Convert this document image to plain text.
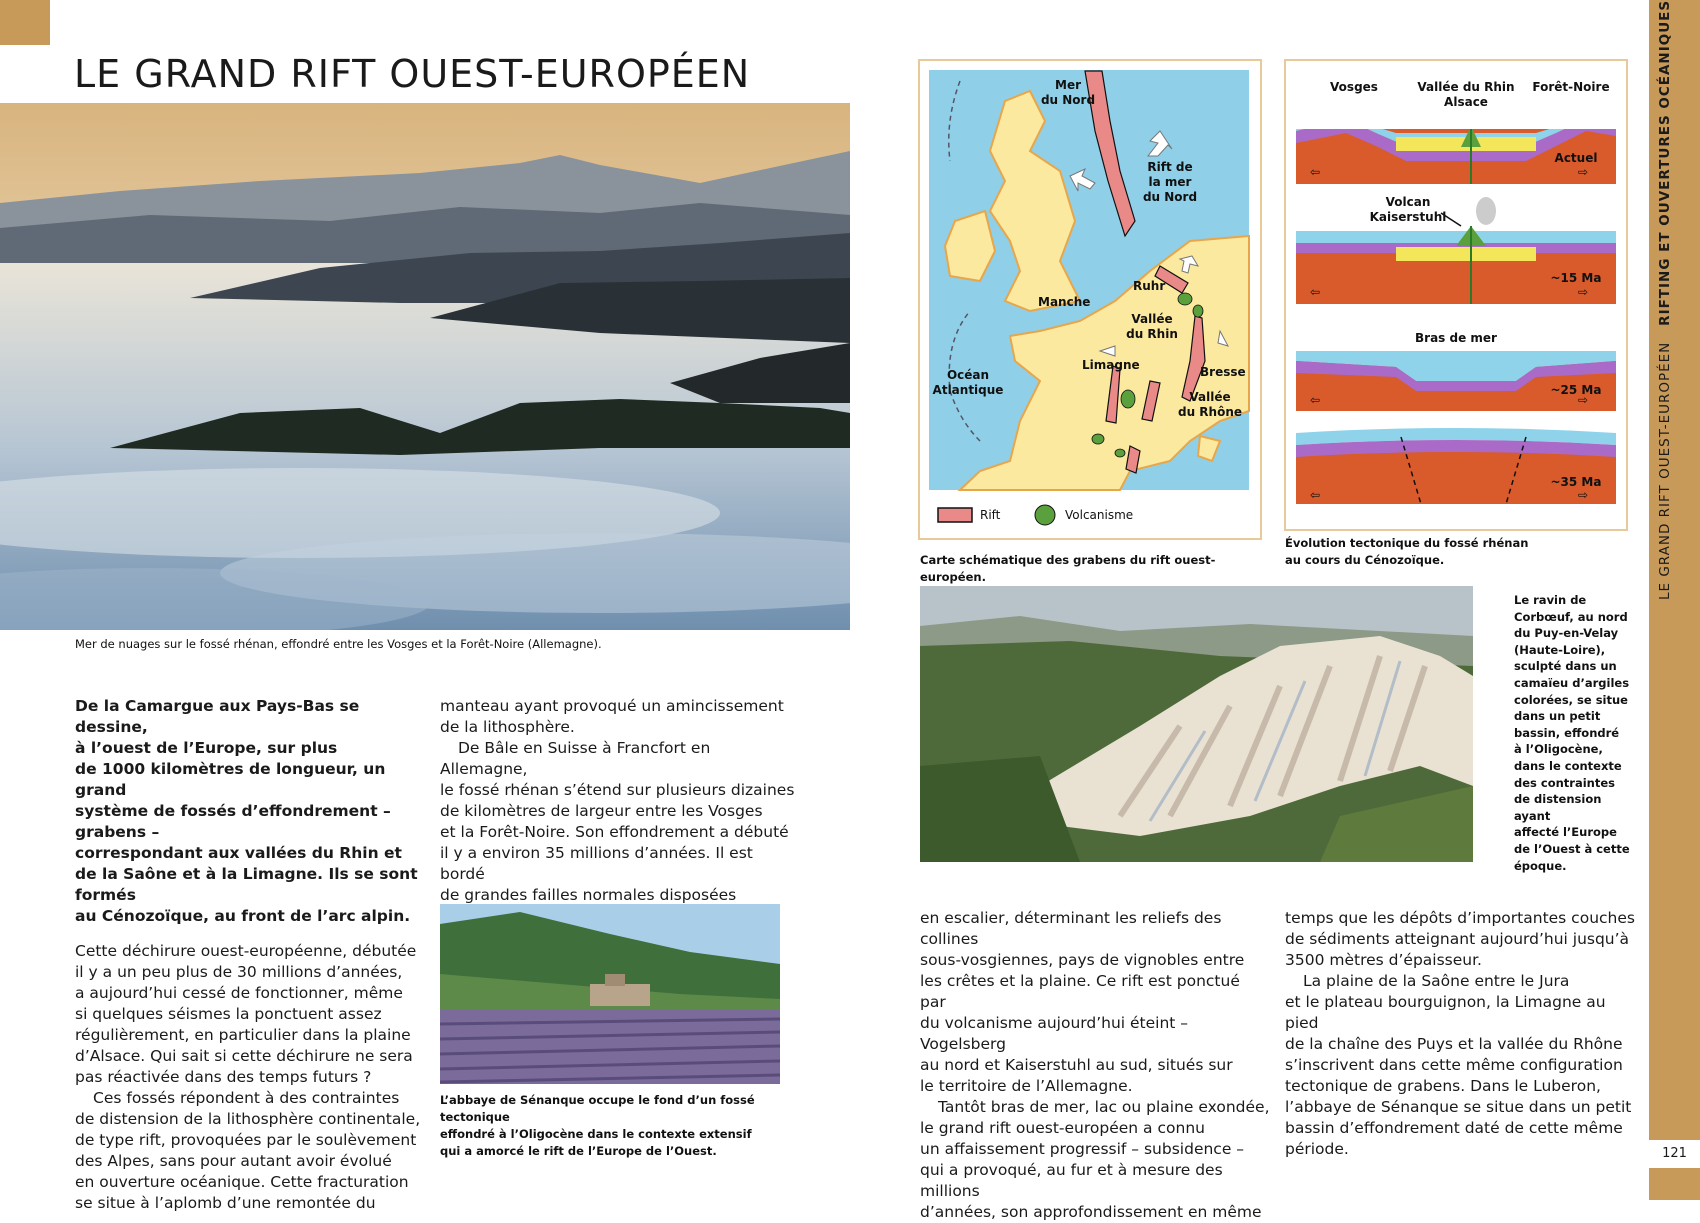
LE GRAND RIFT OUEST-EUROPÉEN   RIFTING ET OUVERTURES OCÉANIQUES
121
LE GRAND RIFT OUEST-EUROPÉEN
Mer de nuages sur le fossé rhénan, effondré entre les Vosges et la Forêt-Noire (Allemagne).
De la Camargue aux Pays-Bas se dessine,
à l’ouest de l’Europe, sur plus
de 1000 kilomètres de longueur, un grand
système de fossés d’effondrement – grabens –
correspondant aux vallées du Rhin et
de la Saône et à la Limagne. Ils se sont formés
au Cénozoïque, au front de l’arc alpin.
Cette déchirure ouest-européenne, débutée
il y a un peu plus de 30 millions d’années,
a aujourd’hui cessé de fonctionner, même
si quelques séismes la ponctuent assez
régulièrement, en particulier dans la plaine
d’Alsace. Qui sait si cette déchirure ne sera
pas réactivée dans des temps futurs ?
Ces fossés répondent à des contraintes
de distension de la lithosphère continentale,
de type rift, provoquées par le soulèvement
des Alpes, sans pour autant avoir évolué
en ouverture océanique. Cette fracturation
se situe à l’aplomb d’une remontée du
manteau ayant provoqué un amincissement
de la lithosphère.
De Bâle en Suisse à Francfort en Allemagne,
le fossé rhénan s’étend sur plusieurs dizaines
de kilomètres de largeur entre les Vosges
et la Forêt-Noire. Son effondrement a débuté
il y a environ 35 millions d’années. Il est bordé
de grandes failles normales disposées
L’abbaye de Sénanque occupe le fond d’un fossé tectonique
effondré à l’Oligocène dans le contexte extensif
qui a amorcé le rift de l’Europe de l’Ouest.
Mer
du Nord
Rift de
la mer
du Nord
Ruhr
Vallée
du Rhin
Manche
Limagne	Bresse
Vallée
du Rhône
Océan
Atlantique
Rift	Volcanisme
Carte schématique des grabens du rift ouest-européen.
Vosges	Vallée du Rhin
Alsace
Forêt-Noire
Actuel
⇦	⇨
Volcan
Kaiserstuhl
~15 Ma
⇦	⇨
Bras de mer
~25 Ma
⇦	⇨
~35 Ma
⇦	⇨
Évolution tectonique du fossé rhénan
au cours du Cénozoïque.
Le ravin de
Corbœuf, au nord
du Puy-en-Velay
(Haute-Loire),
sculpté dans un
camaïeu d’argiles
colorées, se situe
dans un petit
bassin, effondré
à l’Oligocène,
dans le contexte
des contraintes
de distension ayant
affecté l’Europe
de l’Ouest à cette
époque.
en escalier, déterminant les reliefs des collines
sous-vosgiennes, pays de vignobles entre
les crêtes et la plaine. Ce rift est ponctué par
du volcanisme aujourd’hui éteint – Vogelsberg
au nord et Kaiserstuhl au sud, situés sur
le territoire de l’Allemagne.
Tantôt bras de mer, lac ou plaine exondée,
le grand rift ouest-européen a connu
un affaissement progressif – subsidence –
qui a provoqué, au fur et à mesure des millions
d’années, son approfondissement en même
temps que les dépôts d’importantes couches
de sédiments atteignant aujourd’hui jusqu’à
3500 mètres d’épaisseur.
La plaine de la Saône entre le Jura
et le plateau bourguignon, la Limagne au pied
de la chaîne des Puys et la vallée du Rhône
s’inscrivent dans cette même configuration
tectonique de grabens. Dans le Luberon,
l’abbaye de Sénanque se situe dans un petit
bassin d’effondrement daté de cette même
période.
